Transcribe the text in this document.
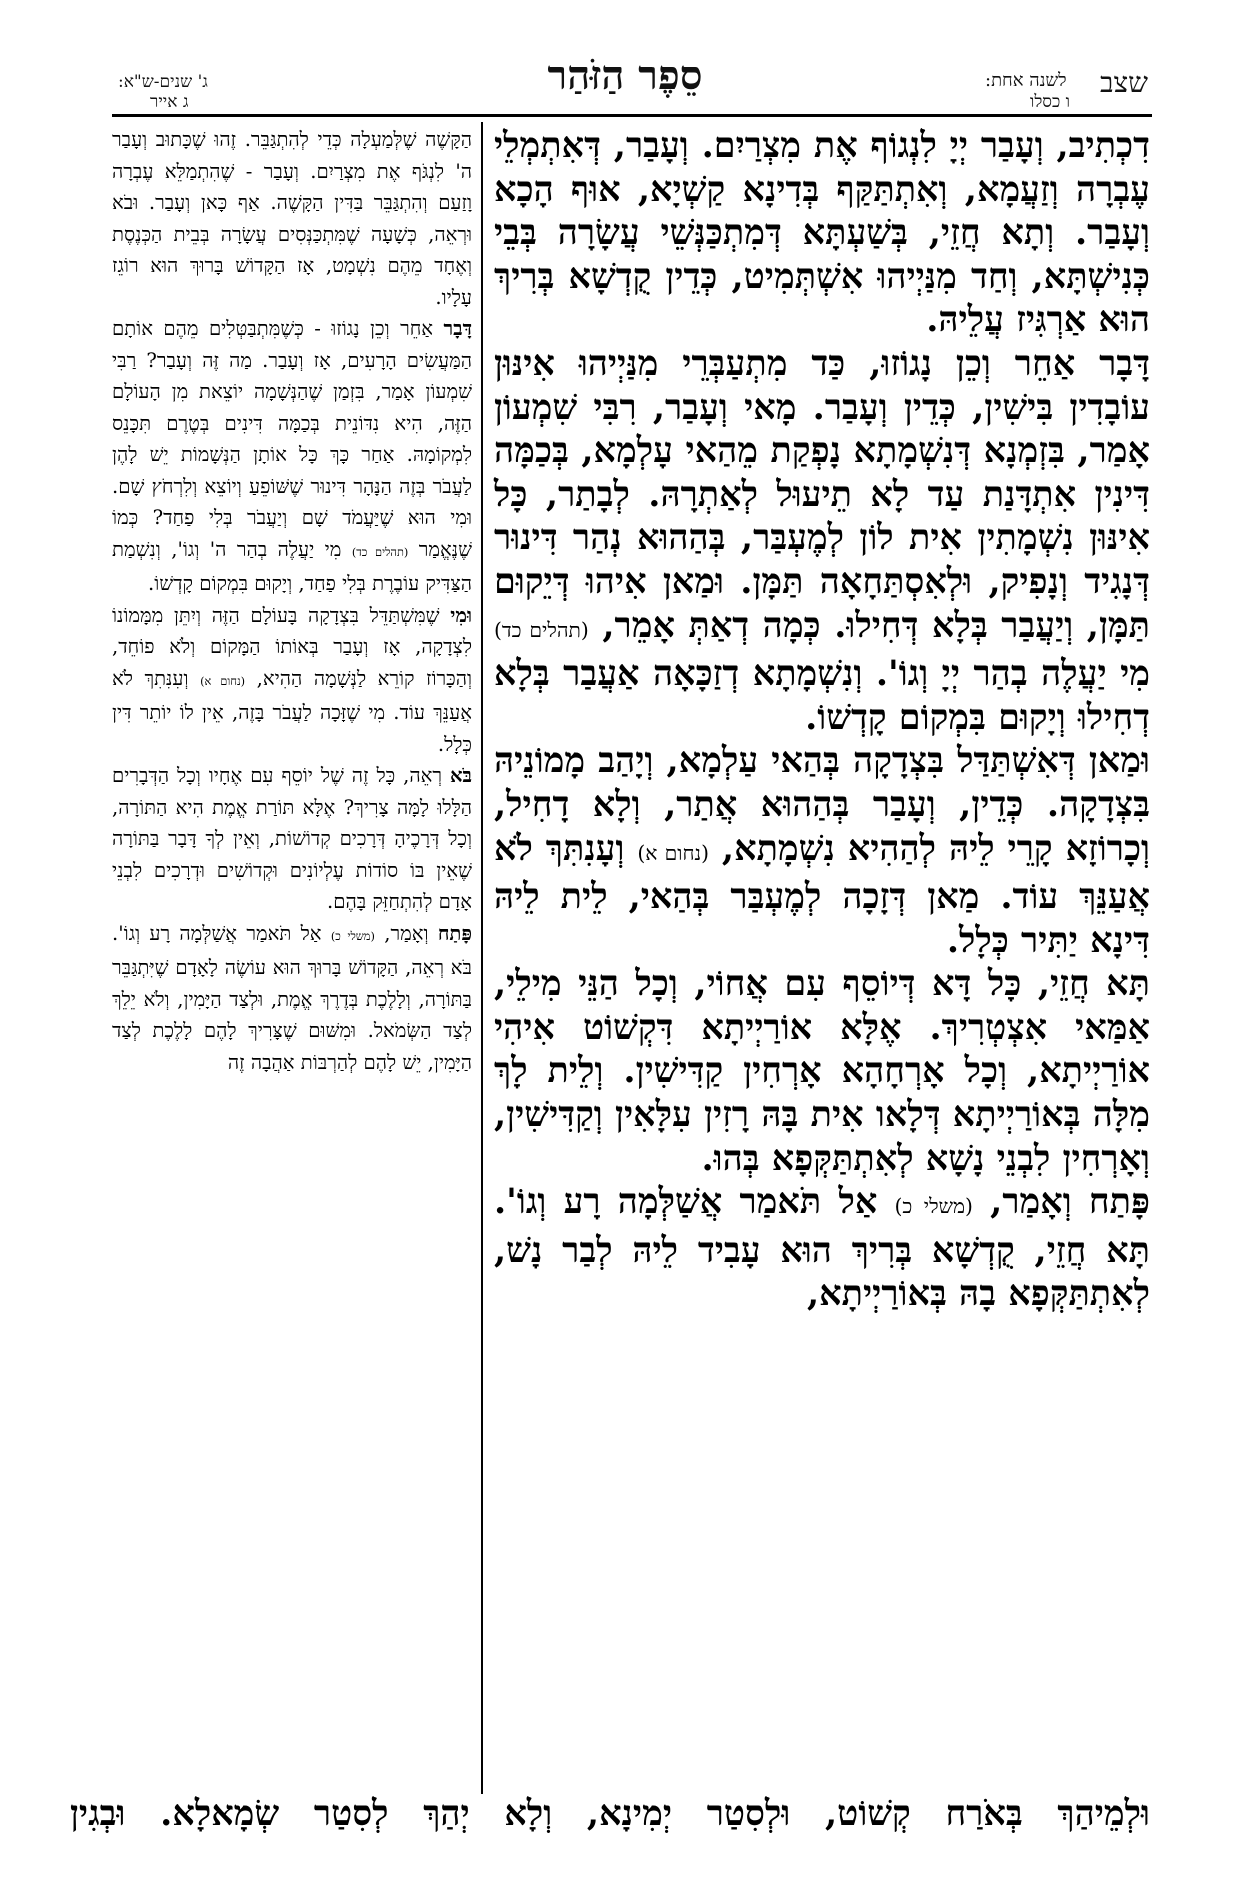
ג' שנים-ש"א:
ג אייר
סֵפֶר הַזֹּהַר	לשנה אחת:
ו כסלו
שצב

דִכְתִיב, וְעָבַר יְיָ לִנְגוֹף אֶת מִצְרַיִם. וְעָבַר, דְּאִתְמְלֵי עֶבְרָה וְזַעֲמָא, וְאִתְתַּקַּף בְּדִינָא קַשְׁיָא, אוּף הָכָא וְעָבַר. וְתָא חֲזֵי, בְּשַׁעְתָּא דְּמִתְכַּנְּשֵׁי עֲשָׂרָה בְּבֵי כְּנִישְׁתָּא, וְחַד מִנַּיְיהוּ אִשְׁתְּמִיט, כְּדֵין קֻדְשָׁא בְּרִיךְ הוּא אַרְגִּיז עֲלֵיהּ.

דָּבָר אַחֵר וְכֵן נָגוֹזוּ, כַּד מִתְעַבְּרֵי מִנַּיְיהוּ אִינּוּן עוֹבָדִין בִּישִׁין, כְּדֵין וְעָבַר. מָאי וְעָבַר, רִבִּי שִׁמְעוֹן אָמַר, בִּזְמְנָא דְּנִשְׁמָתָא נָפְקַת מֵהַאי עָלְמָא, בְּכַמָּה דִּינִין אִתְדָּנַת עַד לָא תֵיעוּל לְאַתְרָהּ. לְבָתַר, כָּל אִינּוּן נִשְׁמָתִין אִית לוֹן לְמֶעְבַּר, בְּהַהוּא נְהַר דִּינוּר דְּנָגִיד וְנָפִיק, וּלְאִסְתַּחָאָה תַּמָּן. וּמַאן אִיהוּ דְּיֵקוּם תַּמָּן, וְיַעֲבַר בְּלָא דְּחִילוּ. כְּמָה דְאַתְּ אָמֵר, (תהלים כד) מִי יַעֲלֶה בְהַר יְיָ וְגוֹ'. וְנִשְׁמָתָא דְזַכָּאָה אַעֲבַר בְּלָא דְחִילוּ וְיָקוּם בִּמְקוֹם קָדְשׁוֹ.

וּמַאן דְּאִשְׁתַּדַּל בִּצְדָקָה בְּהַאי עַלְמָא, וְיָהַב מָמוֹנֵיהּ בִּצְדָקָה. כְּדֵין, וְעָבַר בְּהַהוּא אֲתַר, וְלָא דָחִיל, וְכָרוֹזָא קָרֵי לֵיהּ לְהַהִיא נִשְׁמָתָא, (נחום א) וְעָנִתִּךְ לֹא אֲעַנֵּךְ עוֹד. מַאן דְּזָכָה לְמֶעְבַּר בְּהַאי, לֵית לֵיהּ דִּינָא יַתִּיר כְּלָל.

תָּא חֲזֵי, כָּל דָּא דְּיוֹסֵף עִם אֲחוֹי, וְכָל הַנֵּי מִילֵי, אַמַּאי אִצְטְרִיךְ. אֶלָּא אוֹרַיְיתָא דִּקְשׁוֹט אִיהִי אוֹרַיְיתָא, וְכָל אָרְחָהָא אָרְחִין קַדִּישִׁין. וְלֵית לָךְ מִלָּה בְּאוֹרַיְיתָא דְּלָאו אִית בָּהּ רָזִין עִלָּאִין וְקַדִּישִׁין, וְאָרְחִין לִבְנֵי נָשָׁא לְאִתְתַּקְּפָא בְּהוּ.

פָּתַח וְאָמַר, (משלי כ) אַל תֹּאמַר אֲשַׁלְּמָה רָע וְגוֹ'. תָּא חֲזֵי, קֻדְשָׁא בְּרִיךְ הוּא עָבִיד לֵיהּ לְבַר נָשׁ, לְאִתְתַּקְּפָא בָהּ בְּאוֹרַיְיתָא,

הַקָּשֶׁה שֶׁלְּמַעְלָה כְּדֵי לְהִתְגַּבֵּר. זֶהוּ שֶׁכָּתוּב וְעָבַר ה' לִנְגֹּף אֶת מִצְרַיִם. וְעָבַר - שֶׁהִתְמַלֵּא עֶבְרָה וָזַעַם וְהִתְגַּבֵּר בַּדִּין הַקָּשֶׁה. אַף כָּאן וְעָבַר. וּבֹא וּרְאֵה, כְּשָׁעָה שֶׁמִּתְכַּנְּסִים עֲשָׂרָה בְּבֵית הַכְּנֶסֶת וְאֶחָד מֵהֶם נִשְׁמָט, אָז הַקָּדוֹשׁ בָּרוּךְ הוּא רוֹגֵז עָלָיו.

דָּבָר אַחֵר וְכֵן נָגוֹזוּ - כְּשֶׁמִּתְבַּטְּלִים מֵהֶם אוֹתָם הַמַּעֲשִׂים הָרָעִים, אָז וְעָבַר. מַה זֶּה וְעָבַר? רַבִּי שִׁמְעוֹן אָמַר, בִּזְמַן שֶׁהַנְּשָׁמָה יוֹצֵאת מִן הָעוֹלָם הַזֶּה, הִיא נִדּוֹנֵית בְּכַמָּה דִּינִים בְּטֶרֶם תִּכָּנֵס לִמְקוֹמָהּ. אַחַר כָּךְ כָּל אוֹתָן הַנְּשָׁמוֹת יֵשׁ לָהֶן לַעֲבֹר בְּזֶה הַנָּהָר דִּינוּר שֶׁשּׁוֹפֵעַ וְיוֹצֵא וְלִרְחֹץ שָׁם. וּמִי הוּא שֶׁיַּעֲמֹד שָׁם וְיַעֲבֹר בְּלִי פַחַד? כְּמוֹ שֶׁנֶּאֱמַר (תהלים כד) מִי יַעֲלֶה בְהַר ה' וְגוֹ', וְנִשְׁמַת הַצַּדִּיק עוֹבֶרֶת בְּלִי פַחַד, וְיָקוּם בִּמְקוֹם קָדְשׁוֹ.

וּמִי שֶׁמִּשְׁתַּדֵּל בִּצְדָקָה בָּעוֹלָם הַזֶּה וְיִתֵּן מִמָּמוֹנוֹ לִצְדָקָה, אָז וְעָבַר בְּאוֹתוֹ הַמָּקוֹם וְלֹא פוֹחֵד, וְהַכָּרוֹז קוֹרֵא לַנְּשָׁמָה הַהִיא, (נחום א) וְעִנִּתִךְ לֹא אֲעַנֵּךְ עוֹד. מִי שֶׁזָּכָה לַעֲבֹר בָּזֶה, אֵין לוֹ יוֹתֵר דִּין כְּלָל.

בֹּא רְאֵה, כָּל זֶה שֶׁל יוֹסֵף עִם אֶחָיו וְכָל הַדְּבָרִים הַלָּלוּ לָמָּה צָרִיךְ? אֶלָּא תּוֹרַת אֱמֶת הִיא הַתּוֹרָה, וְכָל דְּרָכֶיהָ דְּרָכִים קְדוֹשׁוֹת, וְאֵין לְךָ דָּבָר בַּתּוֹרָה שֶׁאֵין בּוֹ סוֹדוֹת עֶלְיוֹנִים וּקְדוֹשִׁים וּדְרָכִים לִבְנֵי אָדָם לְהִתְחַזֵּק בָּהֶם.

פָּתַח וְאָמַר, (משלי כ) אַל תֹּאמַר אֲשַׁלְּמָה רָע וְגוֹ'. בֹּא רְאֵה, הַקָּדוֹשׁ בָּרוּךְ הוּא עוֹשֶׂה לָאָדָם שֶׁיִּתְגַּבֵּר בַּתּוֹרָה, וְלָלֶכֶת בְּדֶרֶךְ אֱמֶת, וּלְצַד הַיָּמִין, וְלֹא יֵלֵךְ לְצַד הַשְּׂמֹאל. וּמִשּׁוּם שֶׁצָּרִיךְ לָהֶם לָלֶכֶת לְצַד הַיָּמִין, יֵשׁ לָהֶם לְהַרְבּוֹת אַהֲבָה זֶה

וּלְמֵיהַךְ בְּאֹרַח קְשׁוֹט, וּלְסִטַר יְמִינָא, וְלָא יְהַךְ לְסִטַר שְׂמָאלָא. וּבְגִין
